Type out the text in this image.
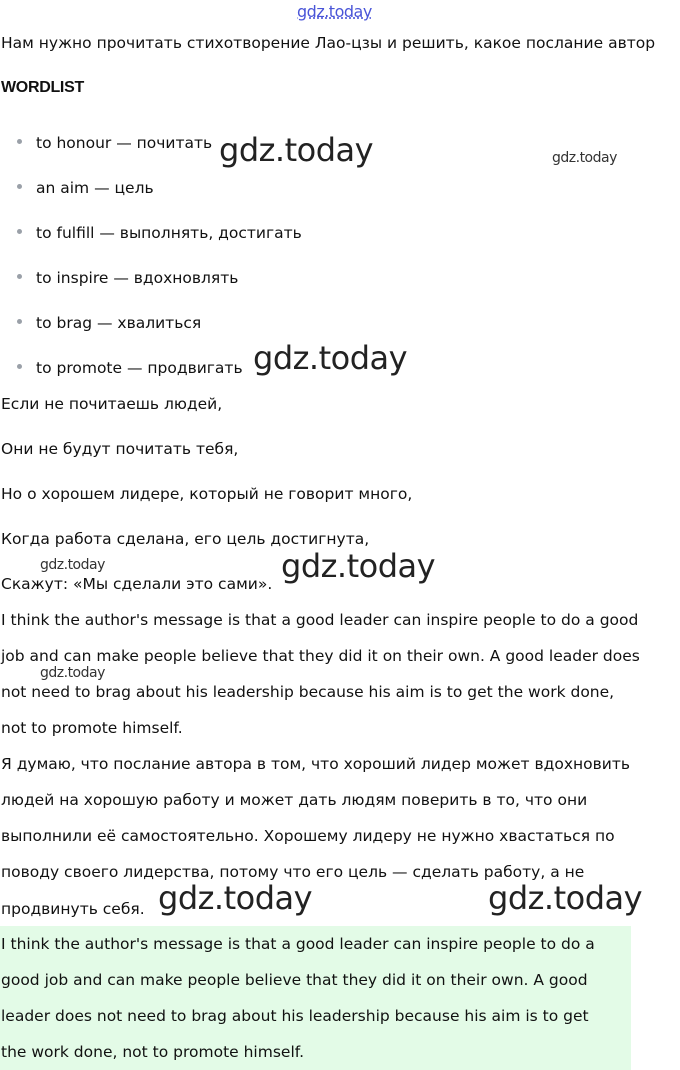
gdz.today
Нам нужно прочитать стихотворение Лао-цзы и решить, какое послание автор
WORDLIST
to honour — почитать
an aim — цель
to fulfill — выполнять, достигать
to inspire — вдохновлять
to brag — хвалиться
to promote — продвигать
Если не почитаешь людей,
Они не будут почитать тебя,
Но о хорошем лидере, который не говорит много,
Когда работа сделана, его цель достигнута,
Скажут: «Мы сделали это сами».
I think the author's message is that a good leader can inspire people to do a good
job and can make people believe that they did it on their own. A good leader does
not need to brag about his leadership because his aim is to get the work done,
not to promote himself.
Я думаю, что послание автора в том, что хороший лидер может вдохновить
людей на хорошую работу и может дать людям поверить в то, что они
выполнили её самостоятельно. Хорошему лидеру не нужно хвастаться по
поводу своего лидерства, потому что его цель — сделать работу, а не
продвинуть себя.
I think the author's message is that a good leader can inspire people to do a
good job and can make people believe that they did it on their own. A good
leader does not need to brag about his leadership because his aim is to get
the work done, not to promote himself.
gdz.today	gdz.today
gdz.today
gdz.today	gdz.today
gdz.today
gdz.today	gdz.today
